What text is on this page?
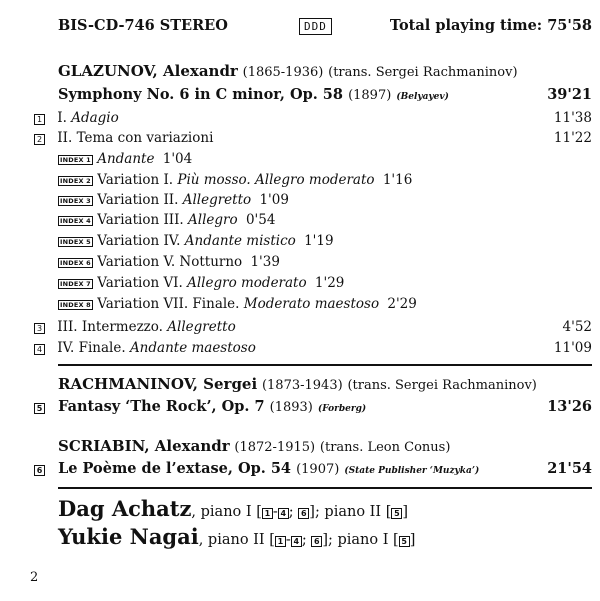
BIS-CD-746 STEREO	DDD	Total playing time: 75'58
GLAZUNOV, Alexandr (1865-1936) (trans. Sergei Rachmaninov)
Symphony No. 6 in C minor, Op. 58 (1897) (Belyayev)	39'21
1 I. Adagio	11'38
2 II. Tema con variazioni	11'22
INDEX 1 Andante 1'04
INDEX 2 Variation I. Più mosso. Allegro moderato 1'16
INDEX 3 Variation II. Allegretto 1'09
INDEX 4 Variation III. Allegro 0'54
INDEX 5 Variation IV. Andante mistico 1'19
INDEX 6 Variation V. Notturno 1'39
INDEX 7 Variation VI. Allegro moderato 1'29
INDEX 8 Variation VII. Finale. Moderato maestoso 2'29
3 III. Intermezzo. Allegretto	4'52
4 IV. Finale. Andante maestoso	11'09
RACHMANINOV, Sergei (1873-1943) (trans. Sergei Rachmaninov)
5 Fantasy ‘The Rock’, Op. 7 (1893) (Forberg)	13'26
SCRIABIN, Alexandr (1872-1915) (trans. Leon Conus)
6 Le Poème de l’extase, Op. 54 (1907) (State Publisher ‘Muzyka’)	21'54
Dag Achatz, piano I [ 1 - 4 ; 6 ]; piano II [ 5 ]
Yukie Nagai, piano II [ 1 - 4 ; 6 ]; piano I [ 5 ]
2
